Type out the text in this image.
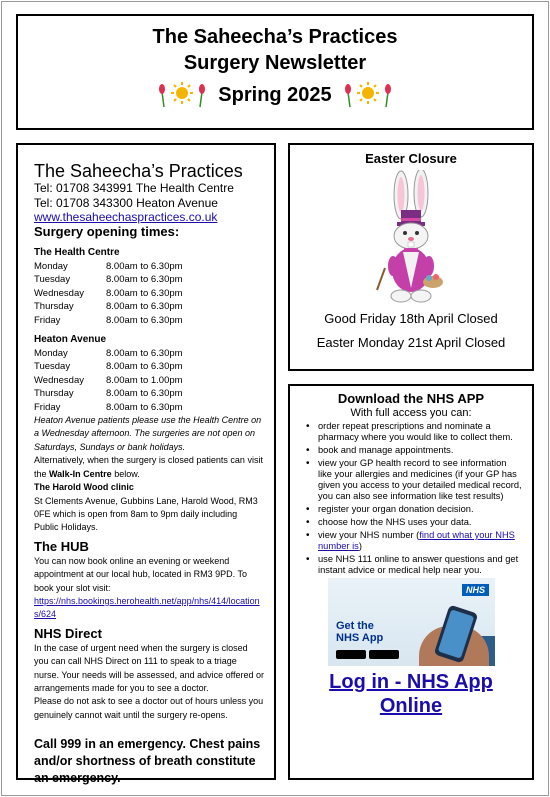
The Saheecha’s Practices
Surgery Newsletter
Spring 2025
The Saheecha’s Practices
Tel: 01708 343991 The Health Centre
Tel: 01708 343300 Heaton Avenue
www.thesaheechaspractices.co.uk
Surgery opening times:
The Health Centre
Monday	8.00am to 6.30pm
Tuesday	8.00am to 6.30pm
Wednesday	8.00am to 6.30pm
Thursday	8.00am to 6.30pm
Friday	8.00am to 6.30pm
Heaton Avenue
Monday	8.00am to 6.30pm
Tuesday	8.00am to 6.30pm
Wednesday	8.00am to 1.00pm
Thursday	8.00am to 6.30pm
Friday	8.00am to 6.30pm
Heaton Avenue patients please use the Health Centre on a Wednesday afternoon. The surgeries are not open on Saturdays, Sundays or bank holidays.
Alternatively, when the surgery is closed patients can visit the Walk-In Centre below.
The Harold Wood clinic
St Clements Avenue, Gubbins Lane, Harold Wood, RM3 0FE which is open from 8am to 9pm daily including Public Holidays.
The HUB
You can now book online an evening or weekend appointment at our local hub, located in RM3 9PD. To book your slot visit:
https://nhs.bookings.herohealth.net/app/nhs/414/locations/624
NHS Direct
In the case of urgent need when the surgery is closed you can call NHS Direct on 111 to speak to a triage nurse. Your needs will be assessed, and advice offered or arrangements made for you to see a doctor.
Please do not ask to see a doctor out of hours unless you genuinely cannot wait until the surgery re-opens.
Call 999 in an emergency. Chest pains and/or shortness of breath constitute an emergency.
Easter Closure
Good Friday 18th April Closed
Easter Monday 21st April Closed
Download the NHS APP
With full access you can:
• order repeat prescriptions and nominate a pharmacy where you would like to collect them.
• book and manage appointments.
• view your GP health record to see information like your allergies and medicines (if your GP has given you access to your detailed medical record, you can also see information like test results)
• register your organ donation decision.
• choose how the NHS uses your data.
• view your NHS number (find out what your NHS number is)
• use NHS 111 online to answer questions and get instant advice or medical help near you.
NHS
Get the
NHS App
Log in - NHS App Online
